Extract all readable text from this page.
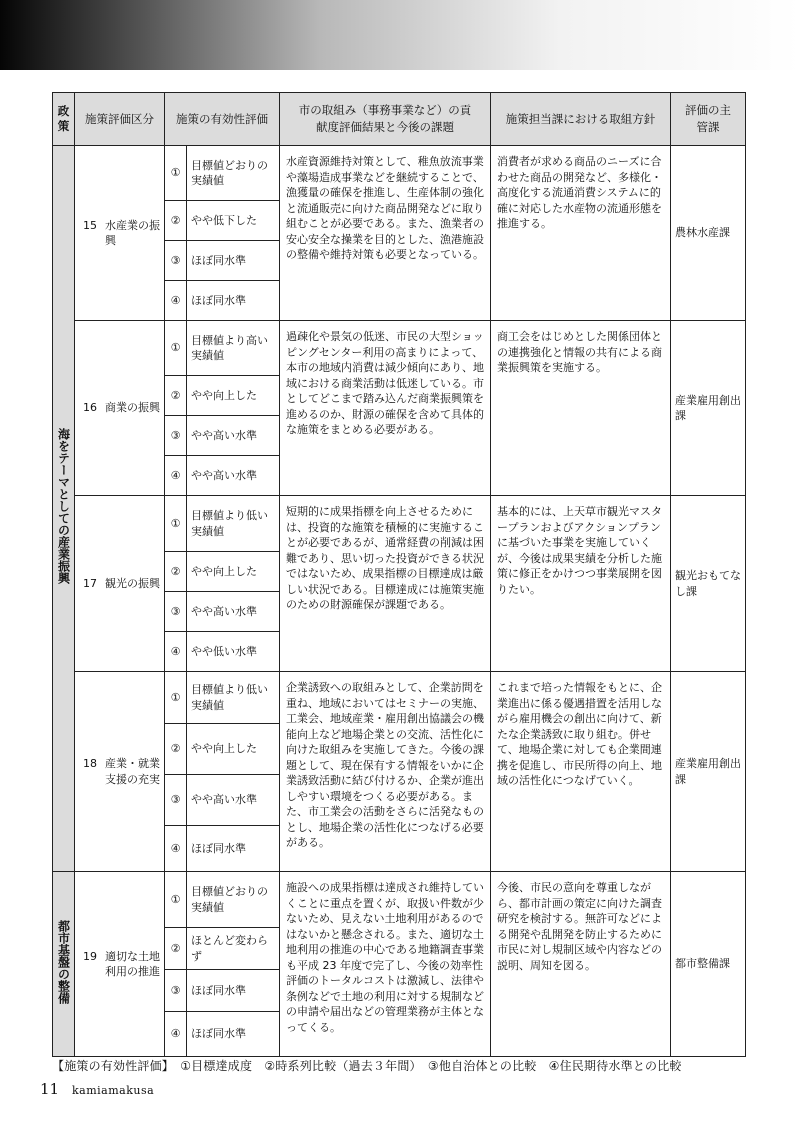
政策	施策評価区分	施策の有効性評価		市の取組み（事務事業など）の貢献度評価結果と今後の課題	施策担当課における取組方針	評価の主管課
海をテーマとしての産業振興	15 水産業の振興	①	目標値どおりの実績値	水産資源維持対策として、稚魚放流事業や藻場造成事業などを継続することで、漁獲量の確保を推進し、生産体制の強化と流通販売に向けた商品開発などに取り組むことが必要である。また、漁業者の安心安全な操業を目的とした、漁港施設の整備や維持対策も必要となっている。	消費者が求める商品のニーズに合わせた商品の開発など、多様化・高度化する流通消費システムに的確に対応した水産物の流通形態を推進する。	農林水産課
		②	やや低下した			
		③	ほぼ同水準			
		④	ほぼ同水準			

	16 商業の振興	①	目標値より高い実績値	過疎化や景気の低迷、市民の大型ショッピングセンター利用の高まりによって、本市の地域内消費は減少傾向にあり、地域における商業活動は低迷している。市としてどこまで踏み込んだ商業振興策を進めるのか、財源の確保を含めて具体的な施策をまとめる必要がある。	商工会をはじめとした関係団体との連携強化と情報の共有による商業振興策を実施する。	産業雇用創出課
		②	やや向上した			
		③	やや高い水準			
		④	やや高い水準			

	17 観光の振興	①	目標値より低い実績値	短期的に成果指標を向上させるためには、投資的な施策を積極的に実施することが必要であるが、通常経費の削減は困難であり、思い切った投資ができる状況ではないため、成果指標の目標達成は厳しい状況である。目標達成には施策実施のための財源確保が課題である。	基本的には、上天草市観光マスタープランおよびアクションプランに基づいた事業を実施していくが、今後は成果実績を分析した施策に修正をかけつつ事業展開を図りたい。	観光おもてなし課
		②	やや向上した			
		③	やや高い水準			
		④	やや低い水準			

	18 産業・就業支援の充実	①	目標値より低い実績値	企業誘致への取組みとして、企業訪問を重ね、地域においてはセミナーの実施、工業会、地域産業・雇用創出協議会の機能向上など地場企業との交流、活性化に向けた取組みを実施してきた。今後の課題として、現在保有する情報をいかに企業誘致活動に結び付けるか、企業が進出しやすい環境をつくる必要がある。また、市工業会の活動をさらに活発なものとし、地場企業の活性化につなげる必要がある。	これまで培った情報をもとに、企業進出に係る優遇措置を活用しながら雇用機会の創出に向けて、新たな企業誘致に取り組む。併せて、地場企業に対しても企業間連携を促進し、市民所得の向上、地域の活性化につなげていく。	産業雇用創出課
		②	やや向上した			
		③	やや高い水準			
		④	ほぼ同水準			
都市基盤の整備	19 適切な土地利用の推進	①	目標値どおりの実績値	施設への成果指標は達成され維持していくことに重点を置くが、取扱い件数が少ないため、見えない土地利用があるのではないかと懸念される。また、適切な土地利用の推進の中心である地籍調査事業も平成 23 年度で完了し、今後の効率性評価のトータルコストは激減し、法律や条例などで土地の利用に対する規制などの申請や届出などの管理業務が主体となってくる。	今後、市民の意向を尊重しながら、都市計画の策定に向けた調査研究を検討する。無許可などによる開発や乱開発を防止するために市民に対し規制区域や内容などの説明、周知を図る。	都市整備課
		②	ほとんど変わらず			
		③	ほぼ同水準			
		④	ほぼ同水準			
【施策の有効性評価】　①目標達成度　②時系列比較（過去３年間）　③他自治体との比較　④住民期待水準との比較
11 kamiamakusa
